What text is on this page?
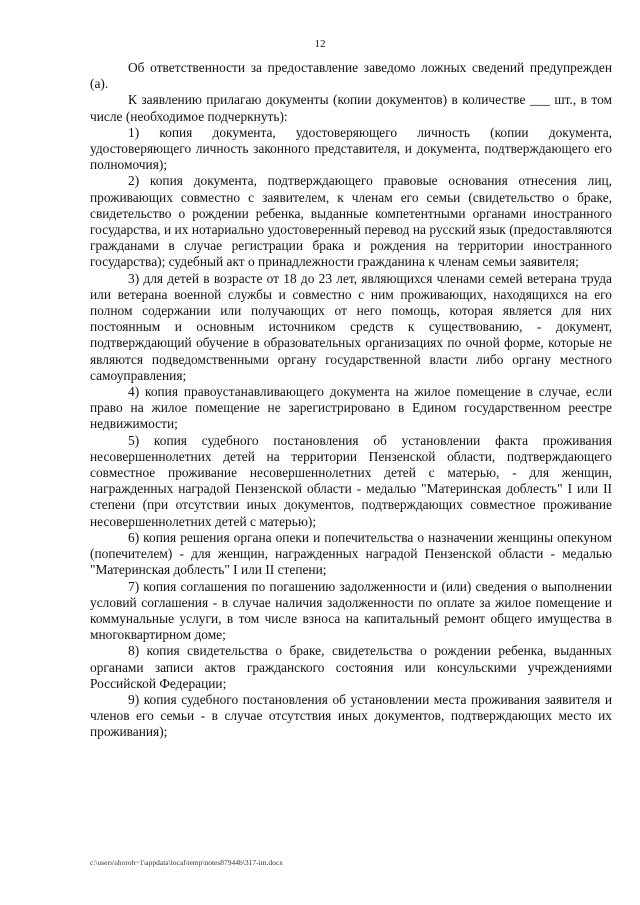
12

Об ответственности за предоставление заведомо ложных сведений предупрежден (а).

К заявлению прилагаю документы (копии документов) в количестве ___ шт., в том числе (необходимое подчеркнуть):

1) копия документа, удостоверяющего личность (копии документа, удостоверяющего личность законного представителя, и документа, подтверждающего его полномочия);

2) копия документа, подтверждающего правовые основания отнесения лиц, проживающих совместно с заявителем, к членам его семьи (свидетельство о браке, свидетельство о рождении ребенка, выданные компетентными органами иностранного государства, и их нотариально удостоверенный перевод на русский язык (предоставляются гражданами в случае регистрации брака и рождения на территории иностранного государства); судебный акт о принадлежности гражданина к членам семьи заявителя;

3) для детей в возрасте от 18 до 23 лет, являющихся членами семей ветерана труда или ветерана военной службы и совместно с ним проживающих, находящихся на его полном содержании или получающих от него помощь, которая является для них постоянным и основным источником средств к существованию, - документ, подтверждающий обучение в образовательных организациях по очной форме, которые не являются подведомственными органу государственной власти либо органу местного самоуправления;

4) копия правоустанавливающего документа на жилое помещение в случае, если право на жилое помещение не зарегистрировано в Едином государственном реестре недвижимости;

5) копия судебного постановления об установлении факта проживания несовершеннолетних детей на территории Пензенской области, подтверждающего совместное проживание несовершеннолетних детей с матерью, - для женщин, награжденных наградой Пензенской области - медалью "Материнская доблесть" I или II степени (при отсутствии иных документов, подтверждающих совместное проживание несовершеннолетних детей с матерью);

6) копия решения органа опеки и попечительства о назначении женщины опекуном (попечителем) - для женщин, награжденных наградой Пензенской области - медалью "Материнская доблесть" I или II степени;

7) копия соглашения по погашению задолженности и (или) сведения о выполнении условий соглашения - в случае наличия задолженности по оплате за жилое помещение и коммунальные услуги, в том числе взноса на капитальный ремонт общего имущества в многоквартирном доме;

8) копия свидетельства о браке, свидетельства о рождении ребенка, выданных органами записи актов гражданского состояния или консульскими учреждениями Российской Федерации;

9) копия судебного постановления об установлении места проживания заявителя и членов его семьи - в случае отсутствия иных документов, подтверждающих место их проживания);

c:\users\shoroh~1\appdata\local\temp\notes87944b\317-im.docx
